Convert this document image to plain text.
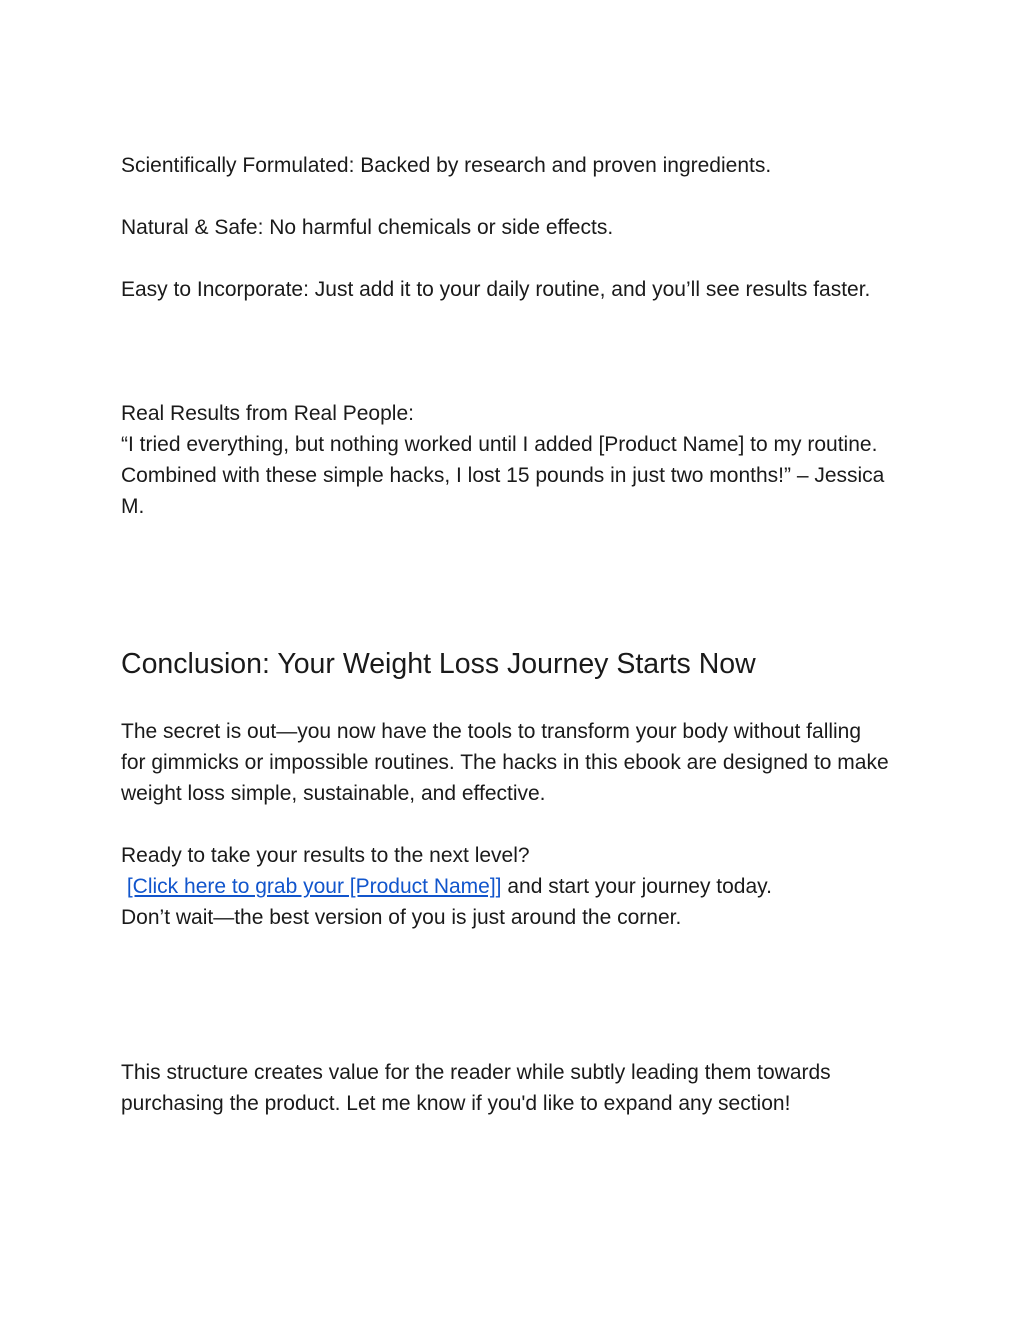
Scientifically Formulated: Backed by research and proven ingredients.

Natural & Safe: No harmful chemicals or side effects.

Easy to Incorporate: Just add it to your daily routine, and you’ll see results faster.

Real Results from Real People:
“I tried everything, but nothing worked until I added [Product Name] to my routine. Combined with these simple hacks, I lost 15 pounds in just two months!” – Jessica M.
Conclusion: Your Weight Loss Journey Starts Now

The secret is out—you now have the tools to transform your body without falling for gimmicks or impossible routines. The hacks in this ebook are designed to make weight loss simple, sustainable, and effective.

Ready to take your results to the next level?
[Click here to grab your [Product Name]] and start your journey today.
Don’t wait—the best version of you is just around the corner.

This structure creates value for the reader while subtly leading them towards purchasing the product. Let me know if you'd like to expand any section!
